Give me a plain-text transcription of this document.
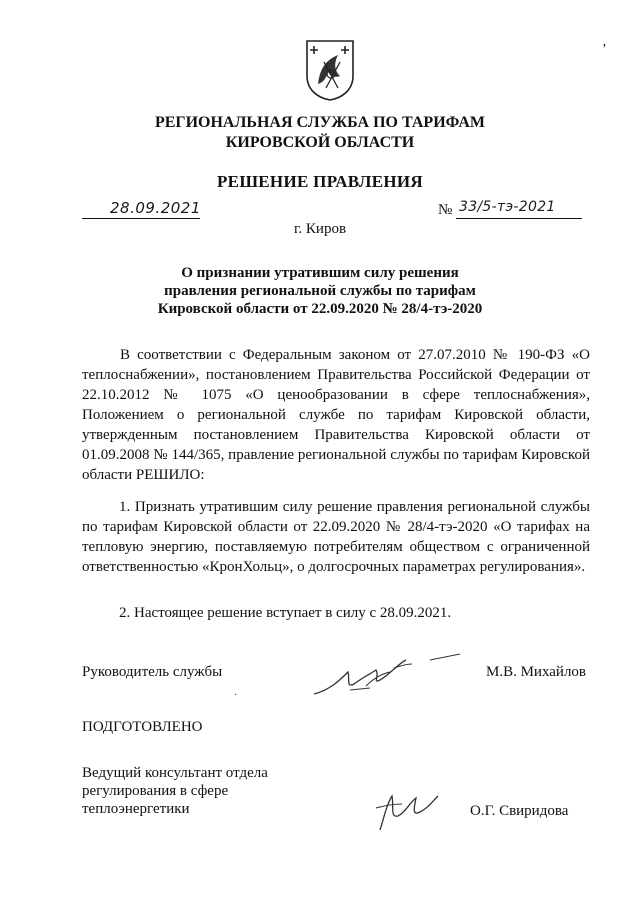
ʼ
РЕГИОНАЛЬНАЯ СЛУЖБА ПО ТАРИФАМ
КИРОВСКОЙ ОБЛАСТИ
РЕШЕНИЕ ПРАВЛЕНИЯ
28.09.2021	№ 33/5-тэ-2021
г. Киров
О признании утратившим силу решения
правления региональной службы по тарифам
Кировской области от 22.09.2020 № 28/4-тэ-2020

В соответствии с Федеральным законом от 27.07.2010 № 190-ФЗ «О теплоснабжении», постановлением Правительства Российской Федерации от 22.10.2012 № 1075 «О ценообразовании в сфере теплоснабжения», Положением о региональной службе по тарифам Кировской области, утвержденным постановлением Правительства Кировской области от 01.09.2008 № 144/365, правление региональной службы по тарифам Кировской области РЕШИЛО:

1. Признать утратившим силу решение правления региональной службы по тарифам Кировской области от 22.09.2020 № 28/4-тэ-2020 «О тарифах на тепловую энергию, поставляемую потребителям обществом с ограниченной ответственностью «КронХольц», о долгосрочных параметрах регулирования».

2. Настоящее решение вступает в силу с 28.09.2021.

Руководитель службы
·
М.В. Михайлов
ПОДГОТОВЛЕНО
Ведущий консультант отдела
регулирования в сфере
теплоэнергетики	О.Г. Свиридова
